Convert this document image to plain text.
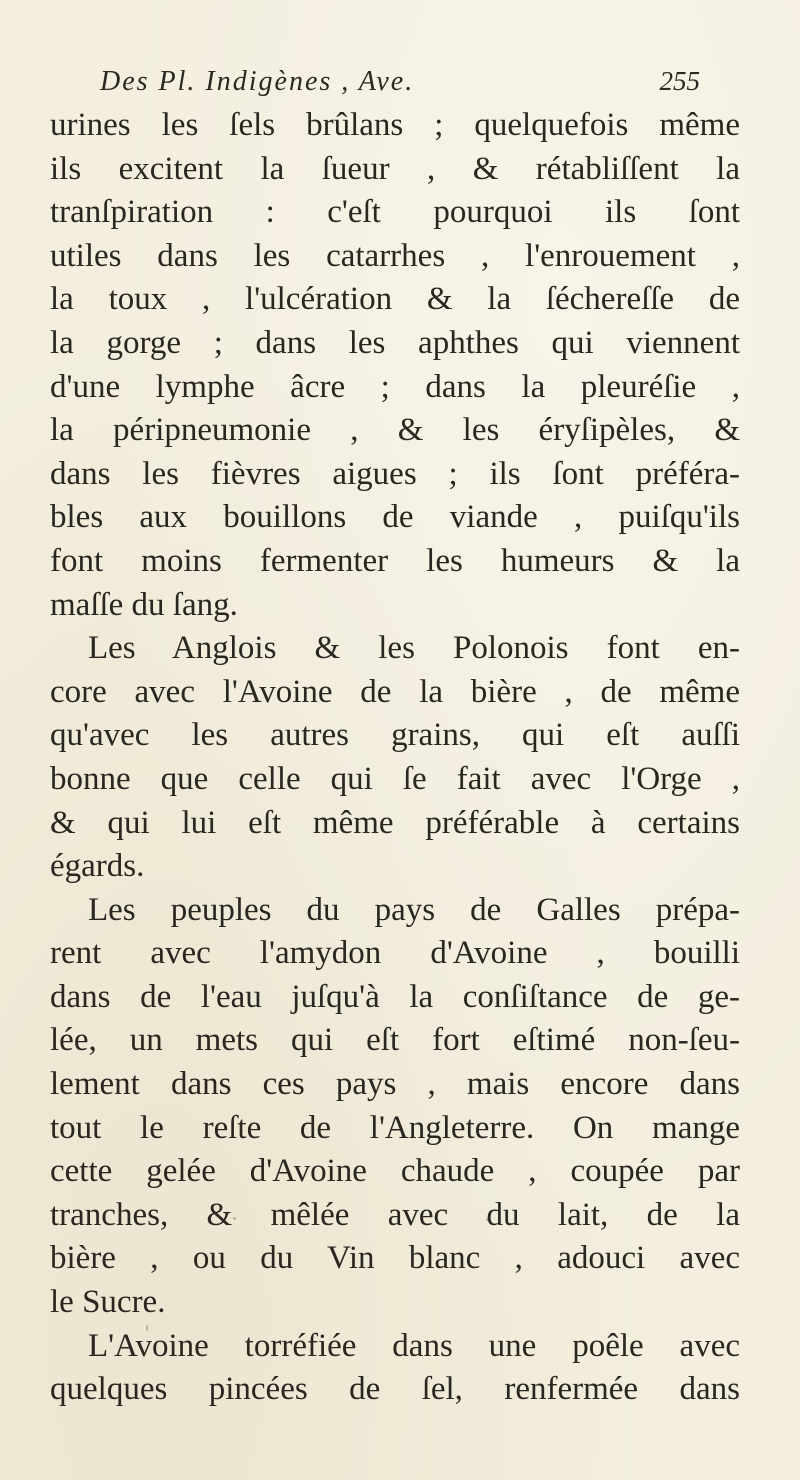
Des Pl. Indigènes , Ave.	255
urines les ſels brûlans ; quelquefois même
ils excitent la ſueur , & rétabliſſent la
tranſpiration : c'eſt pourquoi ils ſont
utiles dans les catarrhes , l'enrouement ,
la toux , l'ulcération & la ſéchereſſe de
la gorge ; dans les aphthes qui viennent
d'une lymphe âcre ; dans la pleuréſie ,
la péripneumonie , & les éryſipèles, &
dans les fièvres aigues ; ils ſont préféra-
bles aux bouillons de viande , puiſqu'ils
font moins fermenter les humeurs & la
maſſe du ſang.
Les Anglois & les Polonois font en-
core avec l'Avoine de la bière , de même
qu'avec les autres grains, qui eſt auſſi
bonne que celle qui ſe fait avec l'Orge ,
& qui lui eſt même préférable à certains
égards.
Les peuples du pays de Galles prépa-
rent avec l'amydon d'Avoine , bouilli
dans de l'eau juſqu'à la conſiſtance de ge-
lée, un mets qui eſt fort eſtimé non-ſeu-
lement dans ces pays , mais encore dans
tout le reſte de l'Angleterre. On mange
cette gelée d'Avoine chaude , coupée par
tranches, & mêlée avec du lait, de la
bière , ou du Vin blanc , adouci avec
le Sucre.
L'Avoine torréfiée dans une poêle avec
quelques pincées de ſel, renfermée dans
